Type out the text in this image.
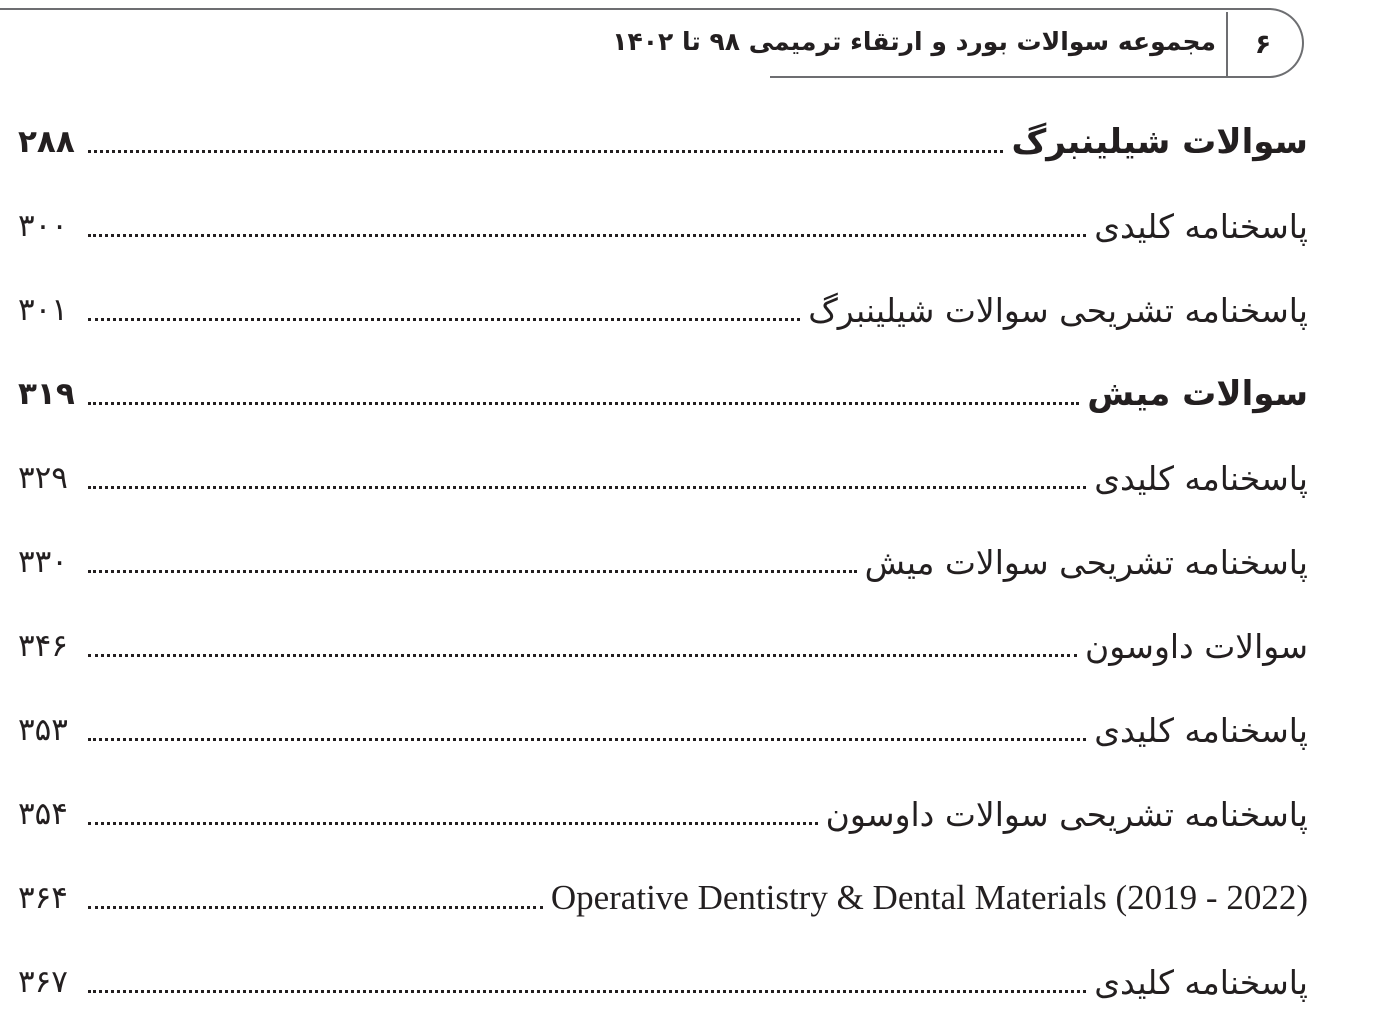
۶
مجموعه سوالات بورد و ارتقاء ترمیمی ۹۸ تا ۱۴۰۲
سوالات شیلینبرگ
۲۸۸
پاسخنامه کلیدی
۳۰۰
پاسخنامه تشریحی سوالات شیلینبرگ
۳۰۱
سوالات میش
۳۱۹
پاسخنامه کلیدی
۳۲۹
پاسخنامه تشریحی سوالات میش
۳۳۰
سوالات داوسون
۳۴۶
پاسخنامه کلیدی
۳۵۳
پاسخنامه تشریحی سوالات داوسون
۳۵۴
Operative Dentistry & Dental Materials (2019 - 2022)
۳۶۴
پاسخنامه کلیدی
۳۶۷
